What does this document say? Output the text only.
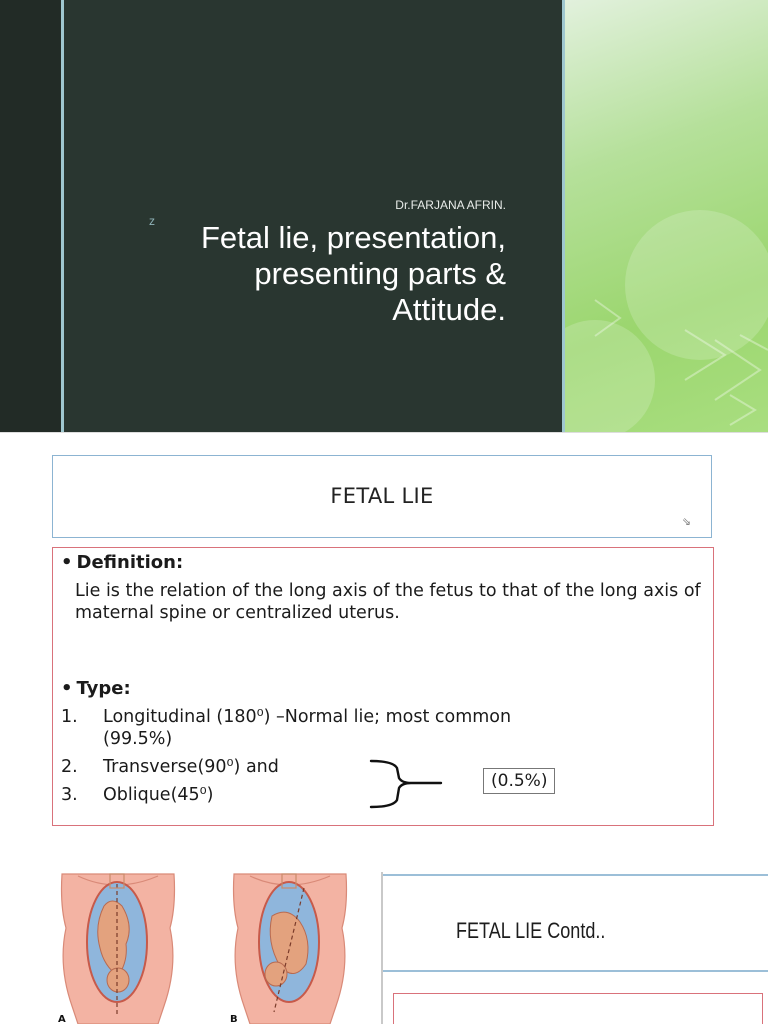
z
Dr.FARJANA AFRIN.
Fetal lie, presentation,
presenting parts &
Attitude.
FETAL LIE
⇘
• Definition:
Lie is the relation of the long axis of the fetus to that of the long axis of maternal spine or centralized uterus.
• Type:
1. Longitudinal (180⁰) –Normal lie; most common
(99.5%)
2. Transverse(90⁰) and
3. Oblique(45⁰)
(0.5%)
A	B
FETAL LIE Contd..
